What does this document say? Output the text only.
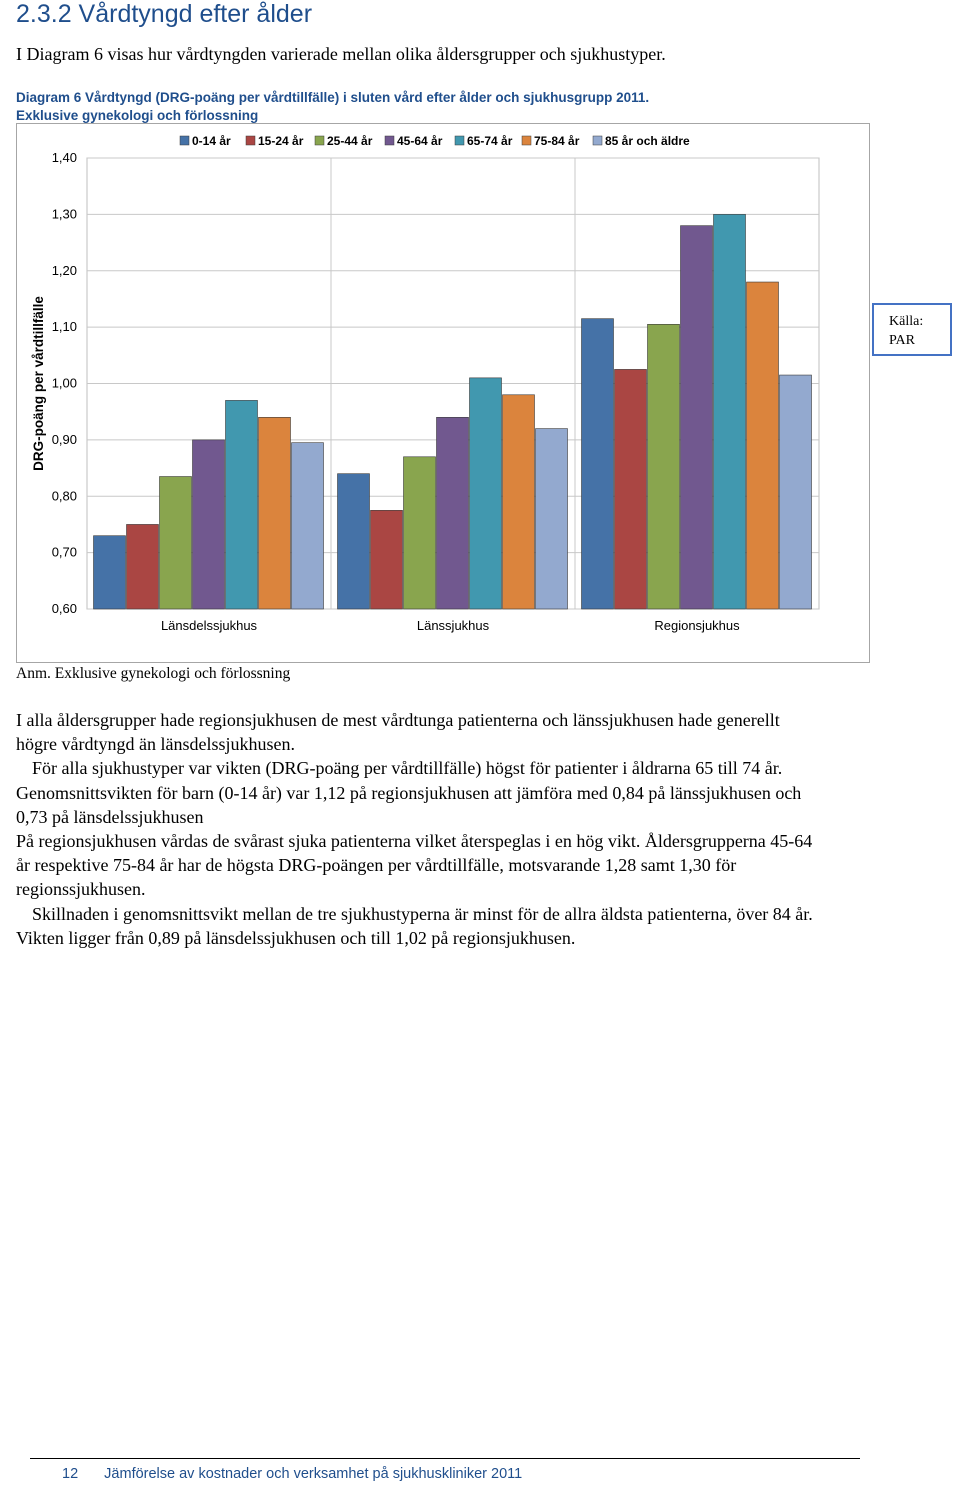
2.3.2 Vårdtyngd efter ålder
I Diagram 6 visas hur vårdtyngden varierade mellan olika åldersgrupper och sjukhustyper.
Diagram 6 Vårdtyngd (DRG-poäng per vårdtillfälle) i sluten vård efter ålder och sjukhusgrupp 2011.
Exklusive gynekologi och förlossning
0,60
0,70
0,80
0,90
1,00
1,10
1,20
1,30
1,40
Länsdelssjukhus	Länssjukhus	Regionsjukhus
DRG-poäng per vårdtillfälle
0-14 år 15-24 år 25-44 år 45-64 år 65-74 år 75-84 år 85 år och äldre
Källa:
PAR
Anm. Exklusive gynekologi och förlossning

I alla åldersgrupper hade regionsjukhusen de mest vårdtunga patienterna och länssjukhusen hade generellt högre vårdtyngd än länsdelssjukhusen.

För alla sjukhustyper var vikten (DRG-poäng per vårdtillfälle) högst för patienter i åldrarna 65 till 74 år. Genomsnittsvikten för barn (0-14 år) var 1,12 på regionsjukhusen att jämföra med 0,84 på länssjukhusen och 0,73 på länsdelssjukhusen

På regionsjukhusen vårdas de svårast sjuka patienterna vilket återspeglas i en hög vikt. Åldersgrupperna 45-64 år respektive 75-84 år har de högsta DRG-poängen per vårdtillfälle, motsvarande 1,28 samt 1,30 för regionssjukhusen.

Skillnaden i genomsnittsvikt mellan de tre sjukhustyperna är minst för de allra äldsta patienterna, över 84 år. Vikten ligger från 0,89 på länsdelssjukhusen och till 1,02 på regionsjukhusen.

12 Jämförelse av kostnader och verksamhet på sjukhuskliniker 2011
